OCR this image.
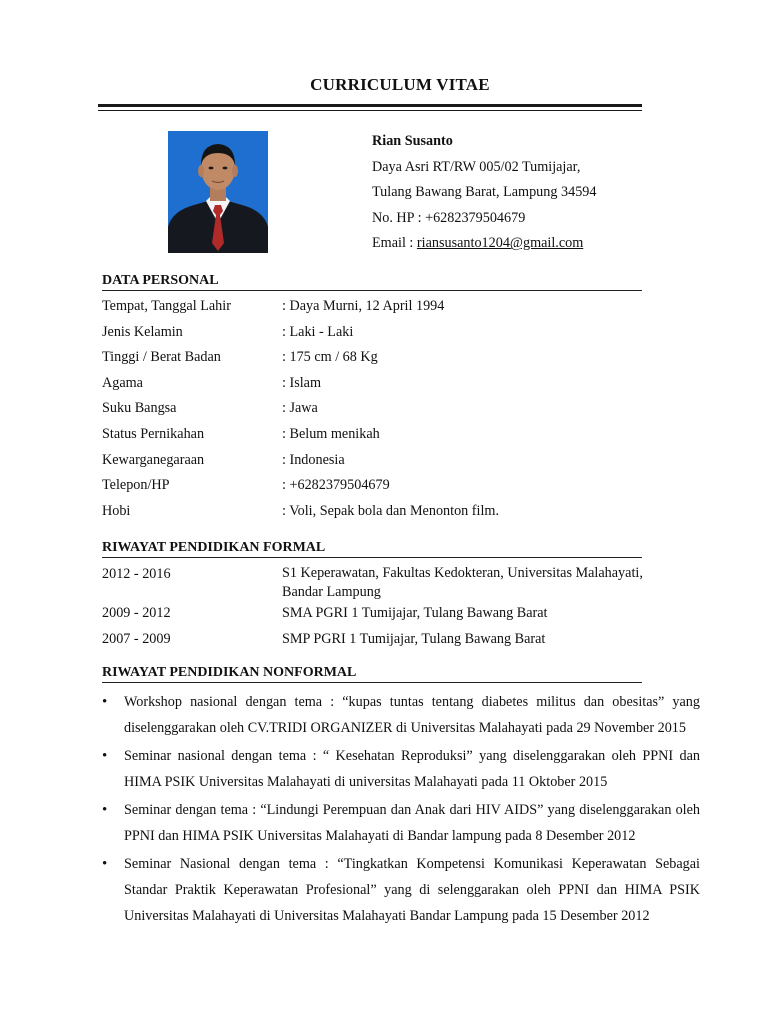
CURRICULUM VITAE
Rian Susanto
Daya Asri RT/RW 005/02 Tumijajar,
Tulang Bawang Barat, Lampung 34594
No. HP : +6282379504679
Email : riansusanto1204@gmail.com
DATA PERSONAL
Tempat, Tanggal Lahir	: Daya Murni, 12 April 1994
Jenis Kelamin	: Laki - Laki
Tinggi / Berat Badan	: 175 cm / 68 Kg
Agama	: Islam
Suku Bangsa	: Jawa
Status Pernikahan	: Belum menikah
Kewarganegaraan	: Indonesia
Telepon/HP	: +6282379504679
Hobi	: Voli, Sepak bola dan Menonton film.
RIWAYAT PENDIDIKAN FORMAL
2012 - 2016	S1 Keperawatan, Fakultas Kedokteran, Universitas Malahayati,
Bandar Lampung
2009 - 2012	SMA PGRI 1 Tumijajar, Tulang Bawang Barat
2007 - 2009	SMP PGRI 1 Tumijajar, Tulang Bawang Barat
RIWAYAT PENDIDIKAN NONFORMAL
• Workshop nasional dengan tema : “kupas tuntas tentang diabetes militus dan obesitas” yang diselenggarakan oleh CV.TRIDI ORGANIZER di Universitas Malahayati pada 29 November 2015
• Seminar nasional dengan tema : “ Kesehatan Reproduksi” yang diselenggarakan oleh PPNI dan HIMA PSIK Universitas Malahayati di universitas Malahayati pada 11 Oktober 2015
• Seminar dengan tema : “Lindungi Perempuan dan Anak dari HIV AIDS” yang diselenggarakan oleh PPNI dan HIMA PSIK Universitas Malahayati di Bandar lampung pada 8 Desember 2012
• Seminar Nasional dengan tema : “Tingkatkan Kompetensi Komunikasi Keperawatan Sebagai Standar Praktik Keperawatan Profesional” yang di selenggarakan oleh PPNI dan HIMA PSIK Universitas Malahayati di Universitas Malahayati Bandar Lampung pada 15 Desember 2012
